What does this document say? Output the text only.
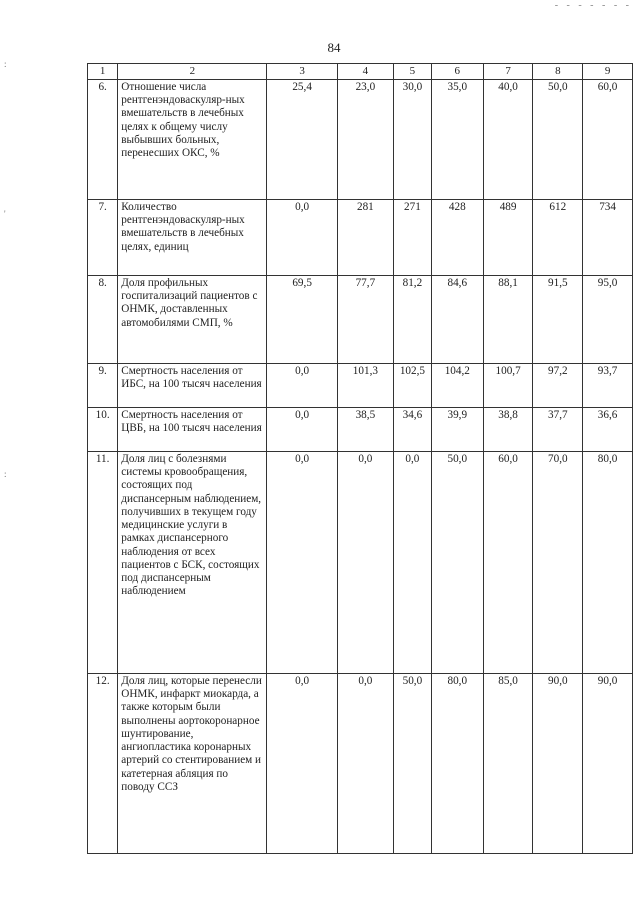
- - - - - - -
:
'
:
84
1	2	3	4	5	6	7	8	9
6.	Отношение числа рентгенэндоваскуляр-ных вмешательств в лечебных целях к общему числу выбывших больных, перенесших ОКС, %	25,4	23,0	30,0	35,0	40,0	50,0	60,0
7.	Количество рентгенэндоваскуляр-ных вмешательств в лечебных целях, единиц	0,0	281	271	428	489	612	734
8.	Доля профильных госпитализаций пациентов с ОНМК, доставленных автомобилями СМП, %	69,5	77,7	81,2	84,6	88,1	91,5	95,0
9.	Смертность населения от ИБС, на 100 тысяч населения	0,0	101,3	102,5	104,2	100,7	97,2	93,7
10.	Смертность населения от ЦВБ, на 100 тысяч населения	0,0	38,5	34,6	39,9	38,8	37,7	36,6
11.	Доля лиц с болезнями системы кровообращения, состоящих под диспансерным наблюдением, получивших в текущем году медицинские услуги в рамках диспансерного наблюдения от всех пациентов с БСК, состоящих под диспансерным наблюдением	0,0	0,0	0,0	50,0	60,0	70,0	80,0
12.	Доля лиц, которые перенесли ОНМК, инфаркт миокарда, а также которым были выполнены аортокоронарное шунтирование, ангиопластика коронарных артерий со стентированием и катетерная абляция по поводу ССЗ	0,0	0,0	50,0	80,0	85,0	90,0	90,0
